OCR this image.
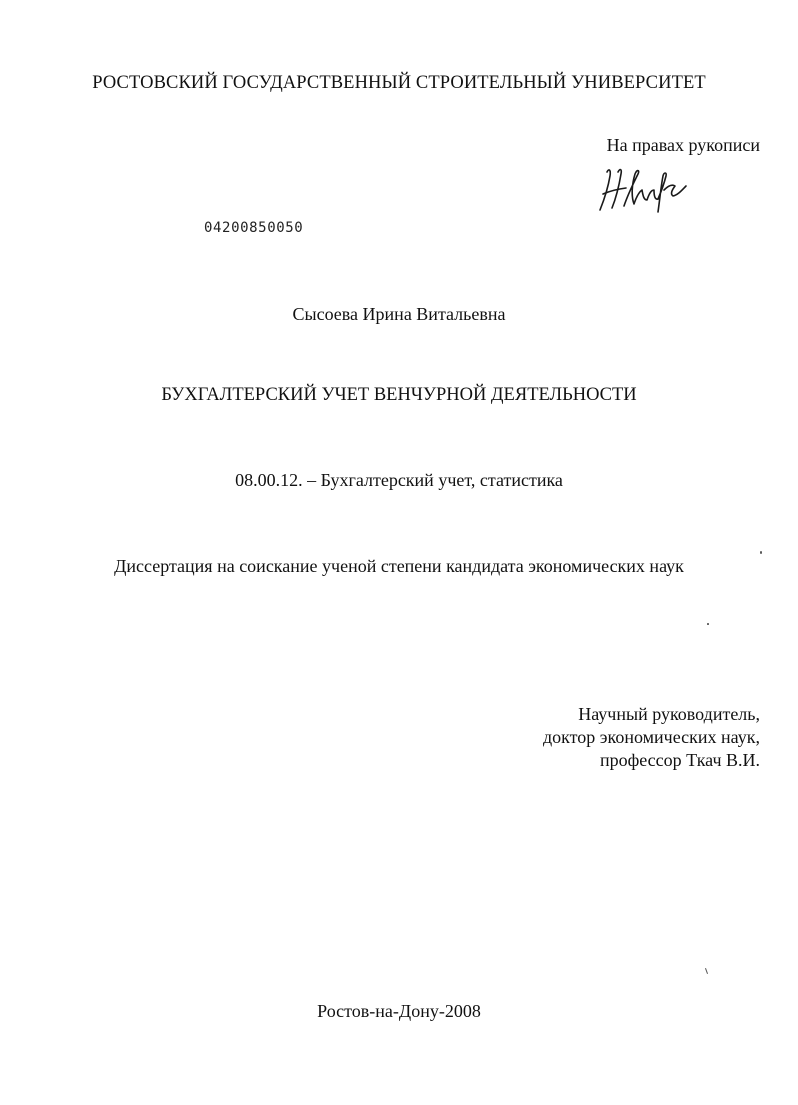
РОСТОВСКИЙ ГОСУДАРСТВЕННЫЙ СТРОИТЕЛЬНЫЙ УНИВЕРСИТЕТ
На правах рукописи
04200850050
Сысоева Ирина Витальевна
БУХГАЛТЕРСКИЙ УЧЕТ ВЕНЧУРНОЙ ДЕЯТЕЛЬНОСТИ
08.00.12. – Бухгалтерский учет, статистика
Диссертация на соискание ученой степени кандидата экономических наук
Научный руководитель,
доктор экономических наук,
профессор Ткач В.И.
Ростов-на-Дону-2008
